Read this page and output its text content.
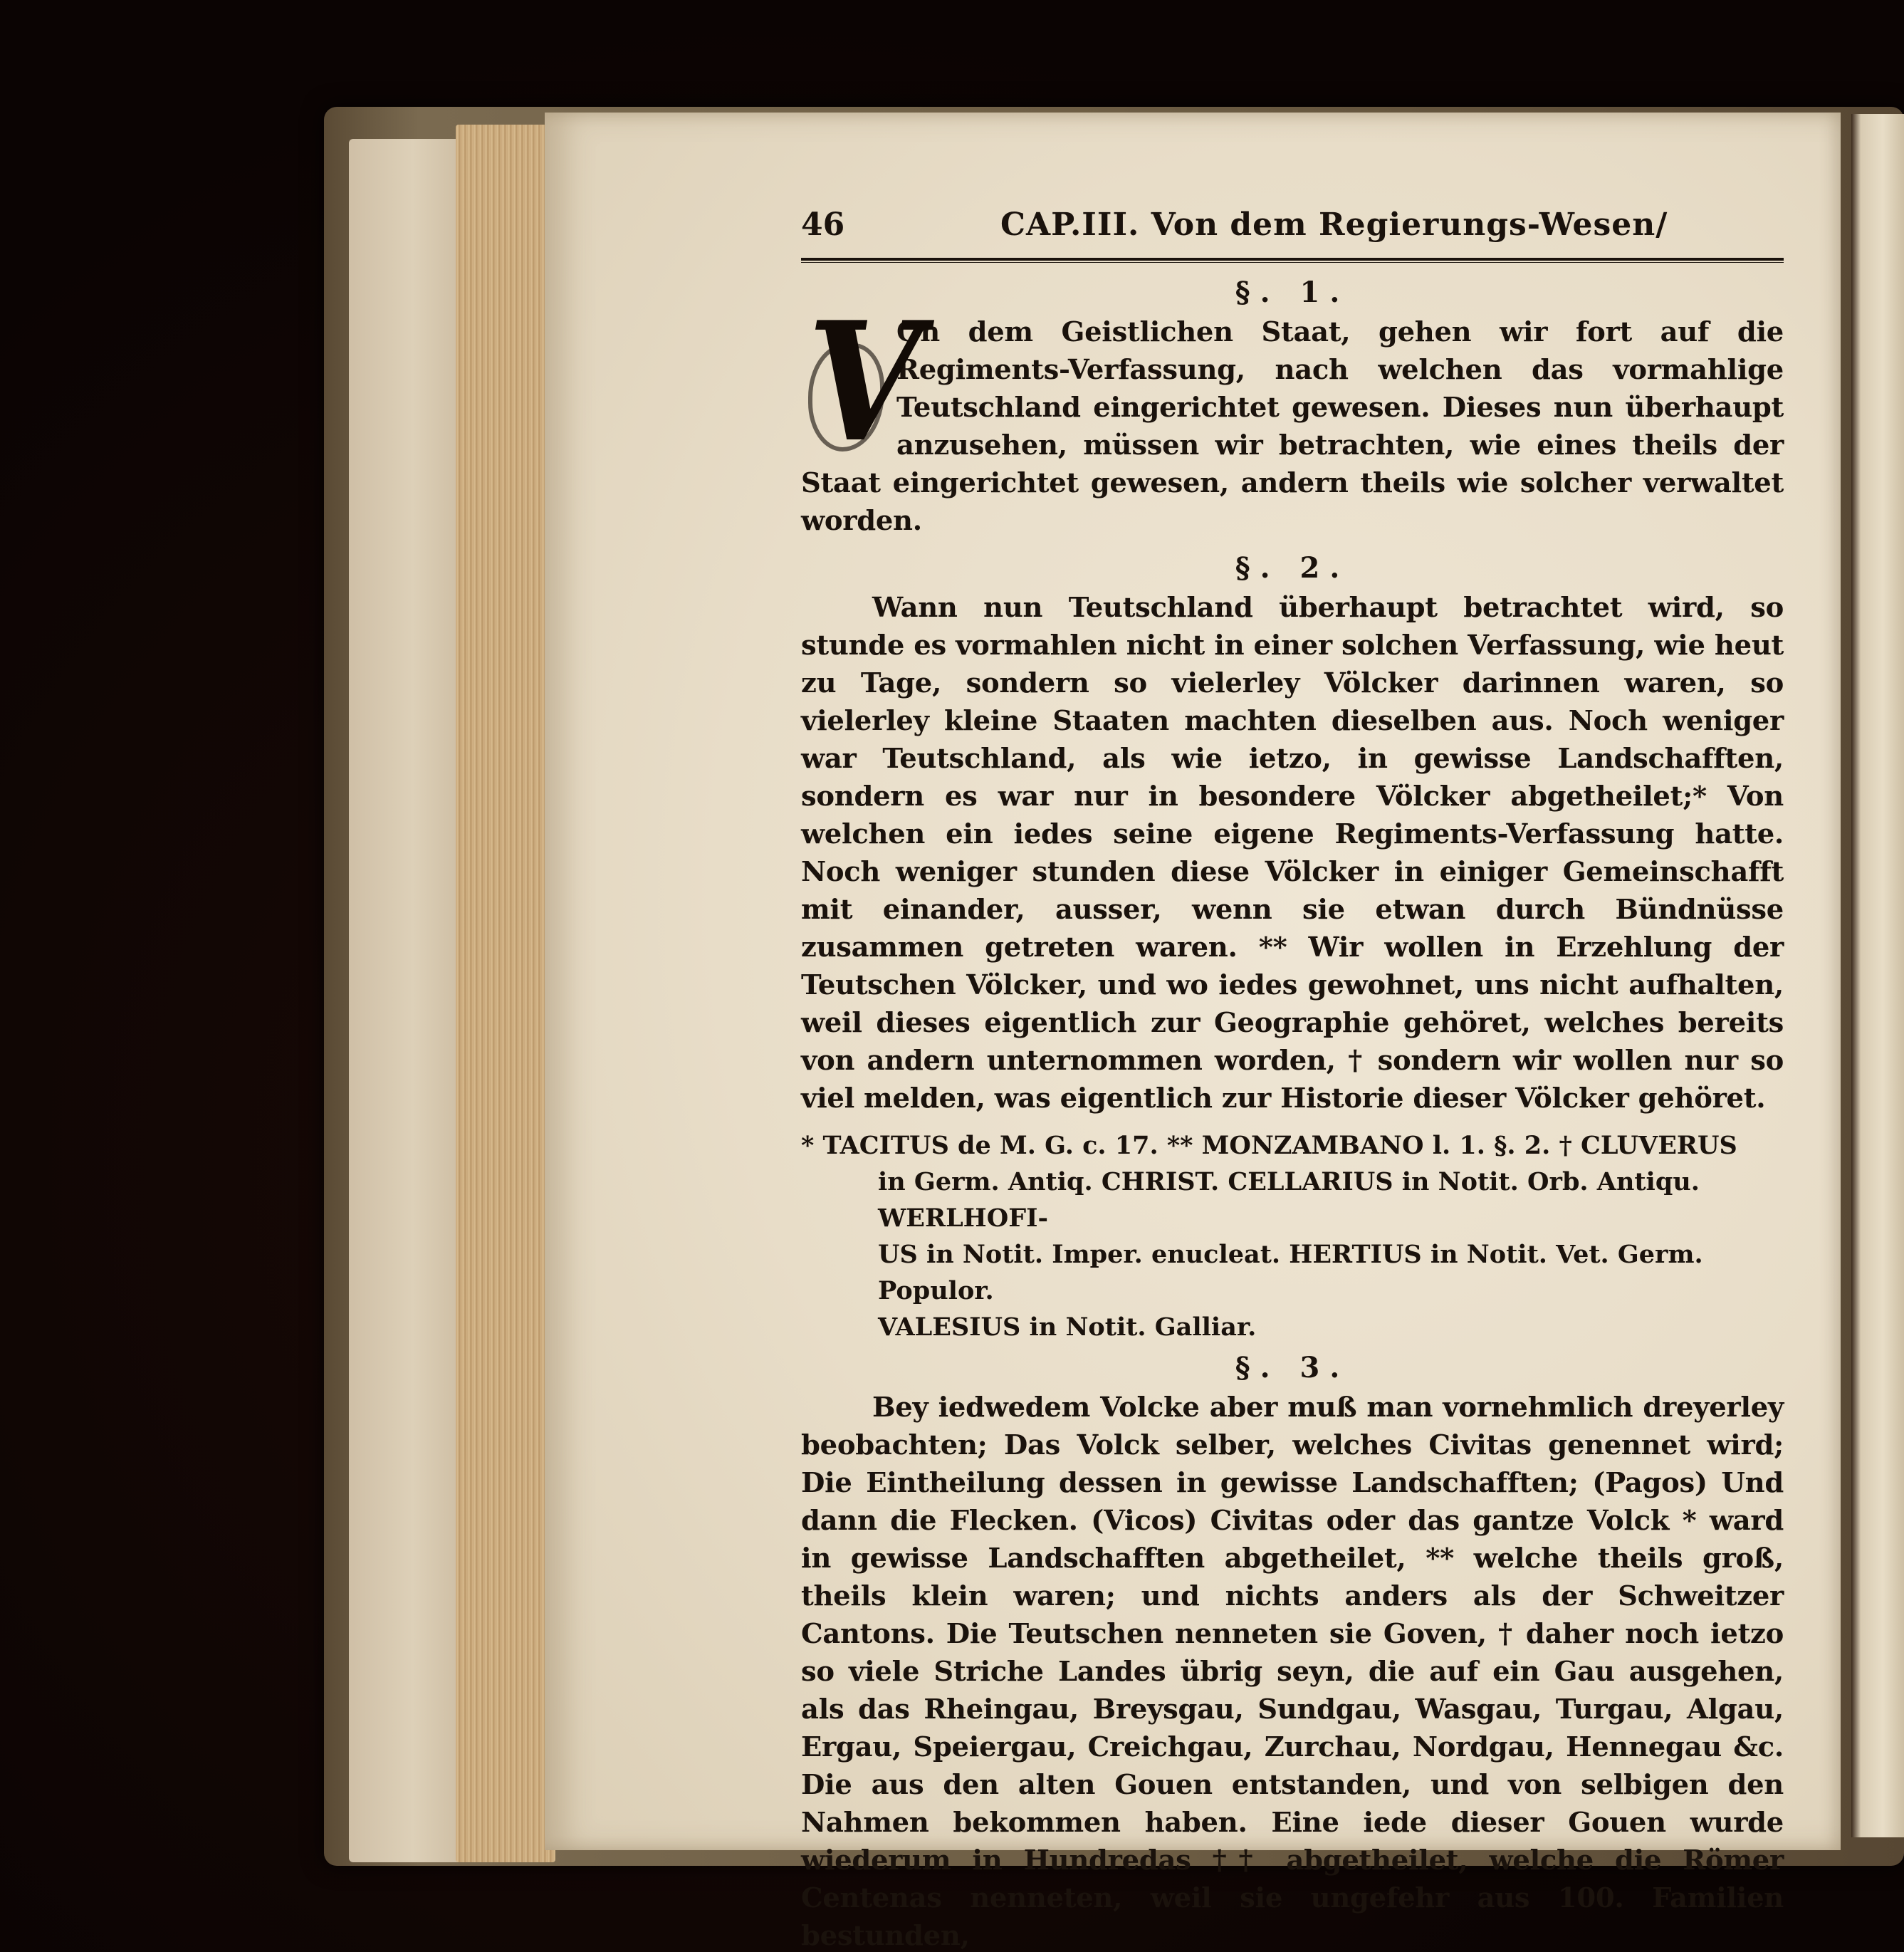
46	CAP.III. Von dem Regierungs-Wesen/
§. 1.
V
On dem Geistlichen Staat, gehen wir fort auf die Regiments-Verfassung, nach welchen das vormahlige Teutschland eingerichtet gewesen. Dieses nun überhaupt anzusehen, müssen wir betrachten, wie eines theils der Staat eingerichtet gewesen, andern theils wie solcher verwaltet worden.
§. 2.
Wann nun Teutschland überhaupt betrachtet wird, so stunde es vormahlen nicht in einer solchen Verfassung, wie heut zu Tage, sondern so vielerley Völcker darinnen waren, so vielerley kleine Staaten machten dieselben aus. Noch weniger war Teutschland, als wie ietzo, in gewisse Landschafften, sondern es war nur in besondere Völcker abgetheilet;* Von welchen ein iedes seine eigene Regiments-Verfassung hatte. Noch weniger stunden diese Völcker in einiger Gemeinschafft mit einander, ausser, wenn sie etwan durch Bündnüsse zusammen getreten waren. ** Wir wollen in Erzehlung der Teutschen Völcker, und wo iedes gewohnet, uns nicht aufhalten, weil dieses eigentlich zur Geographie gehöret, welches bereits von andern unternommen worden, † sondern wir wollen nur so viel melden, was eigentlich zur Historie dieser Völcker gehöret.
* TACITUS de M. G. c. 17. ** MONZAMBANO l. 1. §. 2. † CLUVERUS
in Germ. Antiq. CHRIST. CELLARIUS in Notit. Orb. Antiqu. WERLHOFI-
US in Notit. Imper. enucleat. HERTIUS in Notit. Vet. Germ. Populor.
VALESIUS in Notit. Galliar.
§. 3.
Bey iedwedem Volcke aber muß man vornehmlich dreyerley beobachten; Das Volck selber, welches Civitas genennet wird; Die Eintheilung dessen in gewisse Landschafften; (Pagos) Und dann die Flecken. (Vicos) Civitas oder das gantze Volck * ward in gewisse Landschafften abgetheilet, ** welche theils groß, theils klein waren; und nichts anders als der Schweitzer Cantons. Die Teutschen nenneten sie Goven, † daher noch ietzo so viele Striche Landes übrig seyn, die auf ein Gau ausgehen, als das Rheingau, Breysgau, Sundgau, Wasgau, Turgau, Algau, Ergau, Speiergau, Creichgau, Zurchau, Nordgau, Hennegau &c. Die aus den alten Gouen entstanden, und von selbigen den Nahmen bekommen haben. Eine iede dieser Gouen wurde wiederum in Hundredas †† abgetheilet, welche die Römer Centenas nenneten, weil sie ungefehr aus 100. Familien bestunden,
